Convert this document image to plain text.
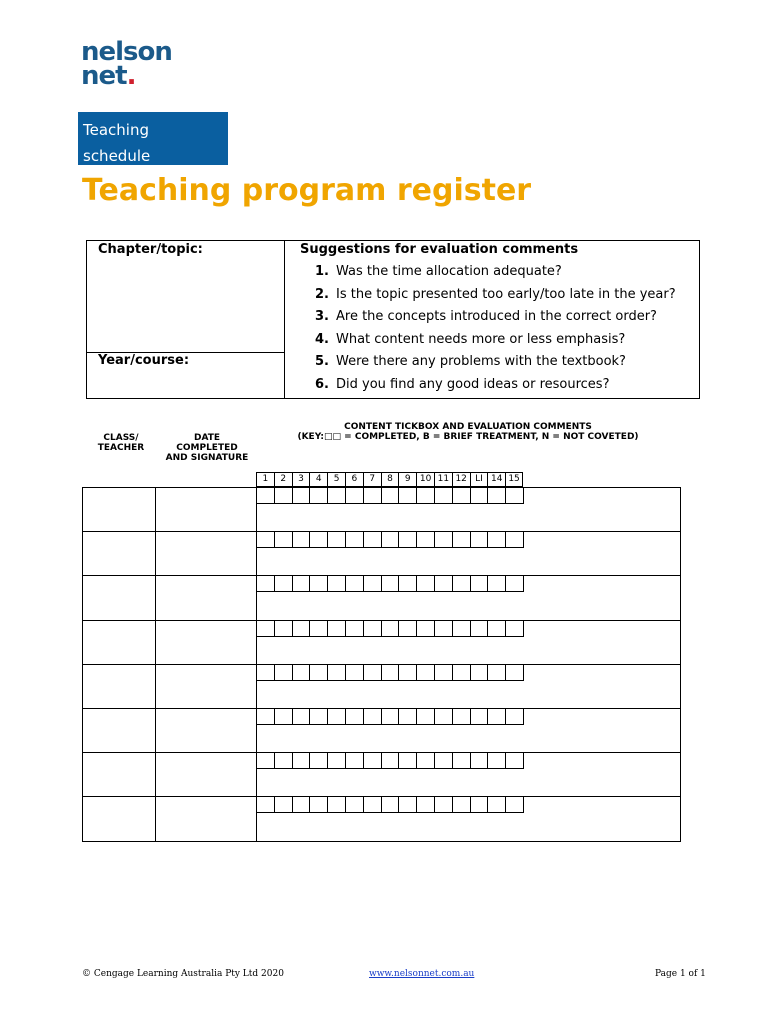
nelson
net.
Teaching
schedule
Teaching program register
Chapter/topic:
Year/course:
Suggestions for evaluation comments
1. Was the time allocation adequate?
2. Is the topic presented too early/too late in the year?
3. Are the concepts introduced in the correct order?
4. What content needs more or less emphasis?
5. Were there any problems with the textbook?
6. Did you find any good ideas or resources?
CLASS/
TEACHER
DATE
COMPLETED
AND SIGNATURE
CONTENT TICKBOX AND EVALUATION COMMENTS
(KEY:□□ = COMPLETED, B = BRIEF TREATMENT, N = NOT COVETED)
1	2	3	4	5	6	7	8	9	10 11 12 LI 14 15
© Cengage Learning Australia Pty Ltd 2020	www.nelsonnet.com.au	Page 1 of 1
